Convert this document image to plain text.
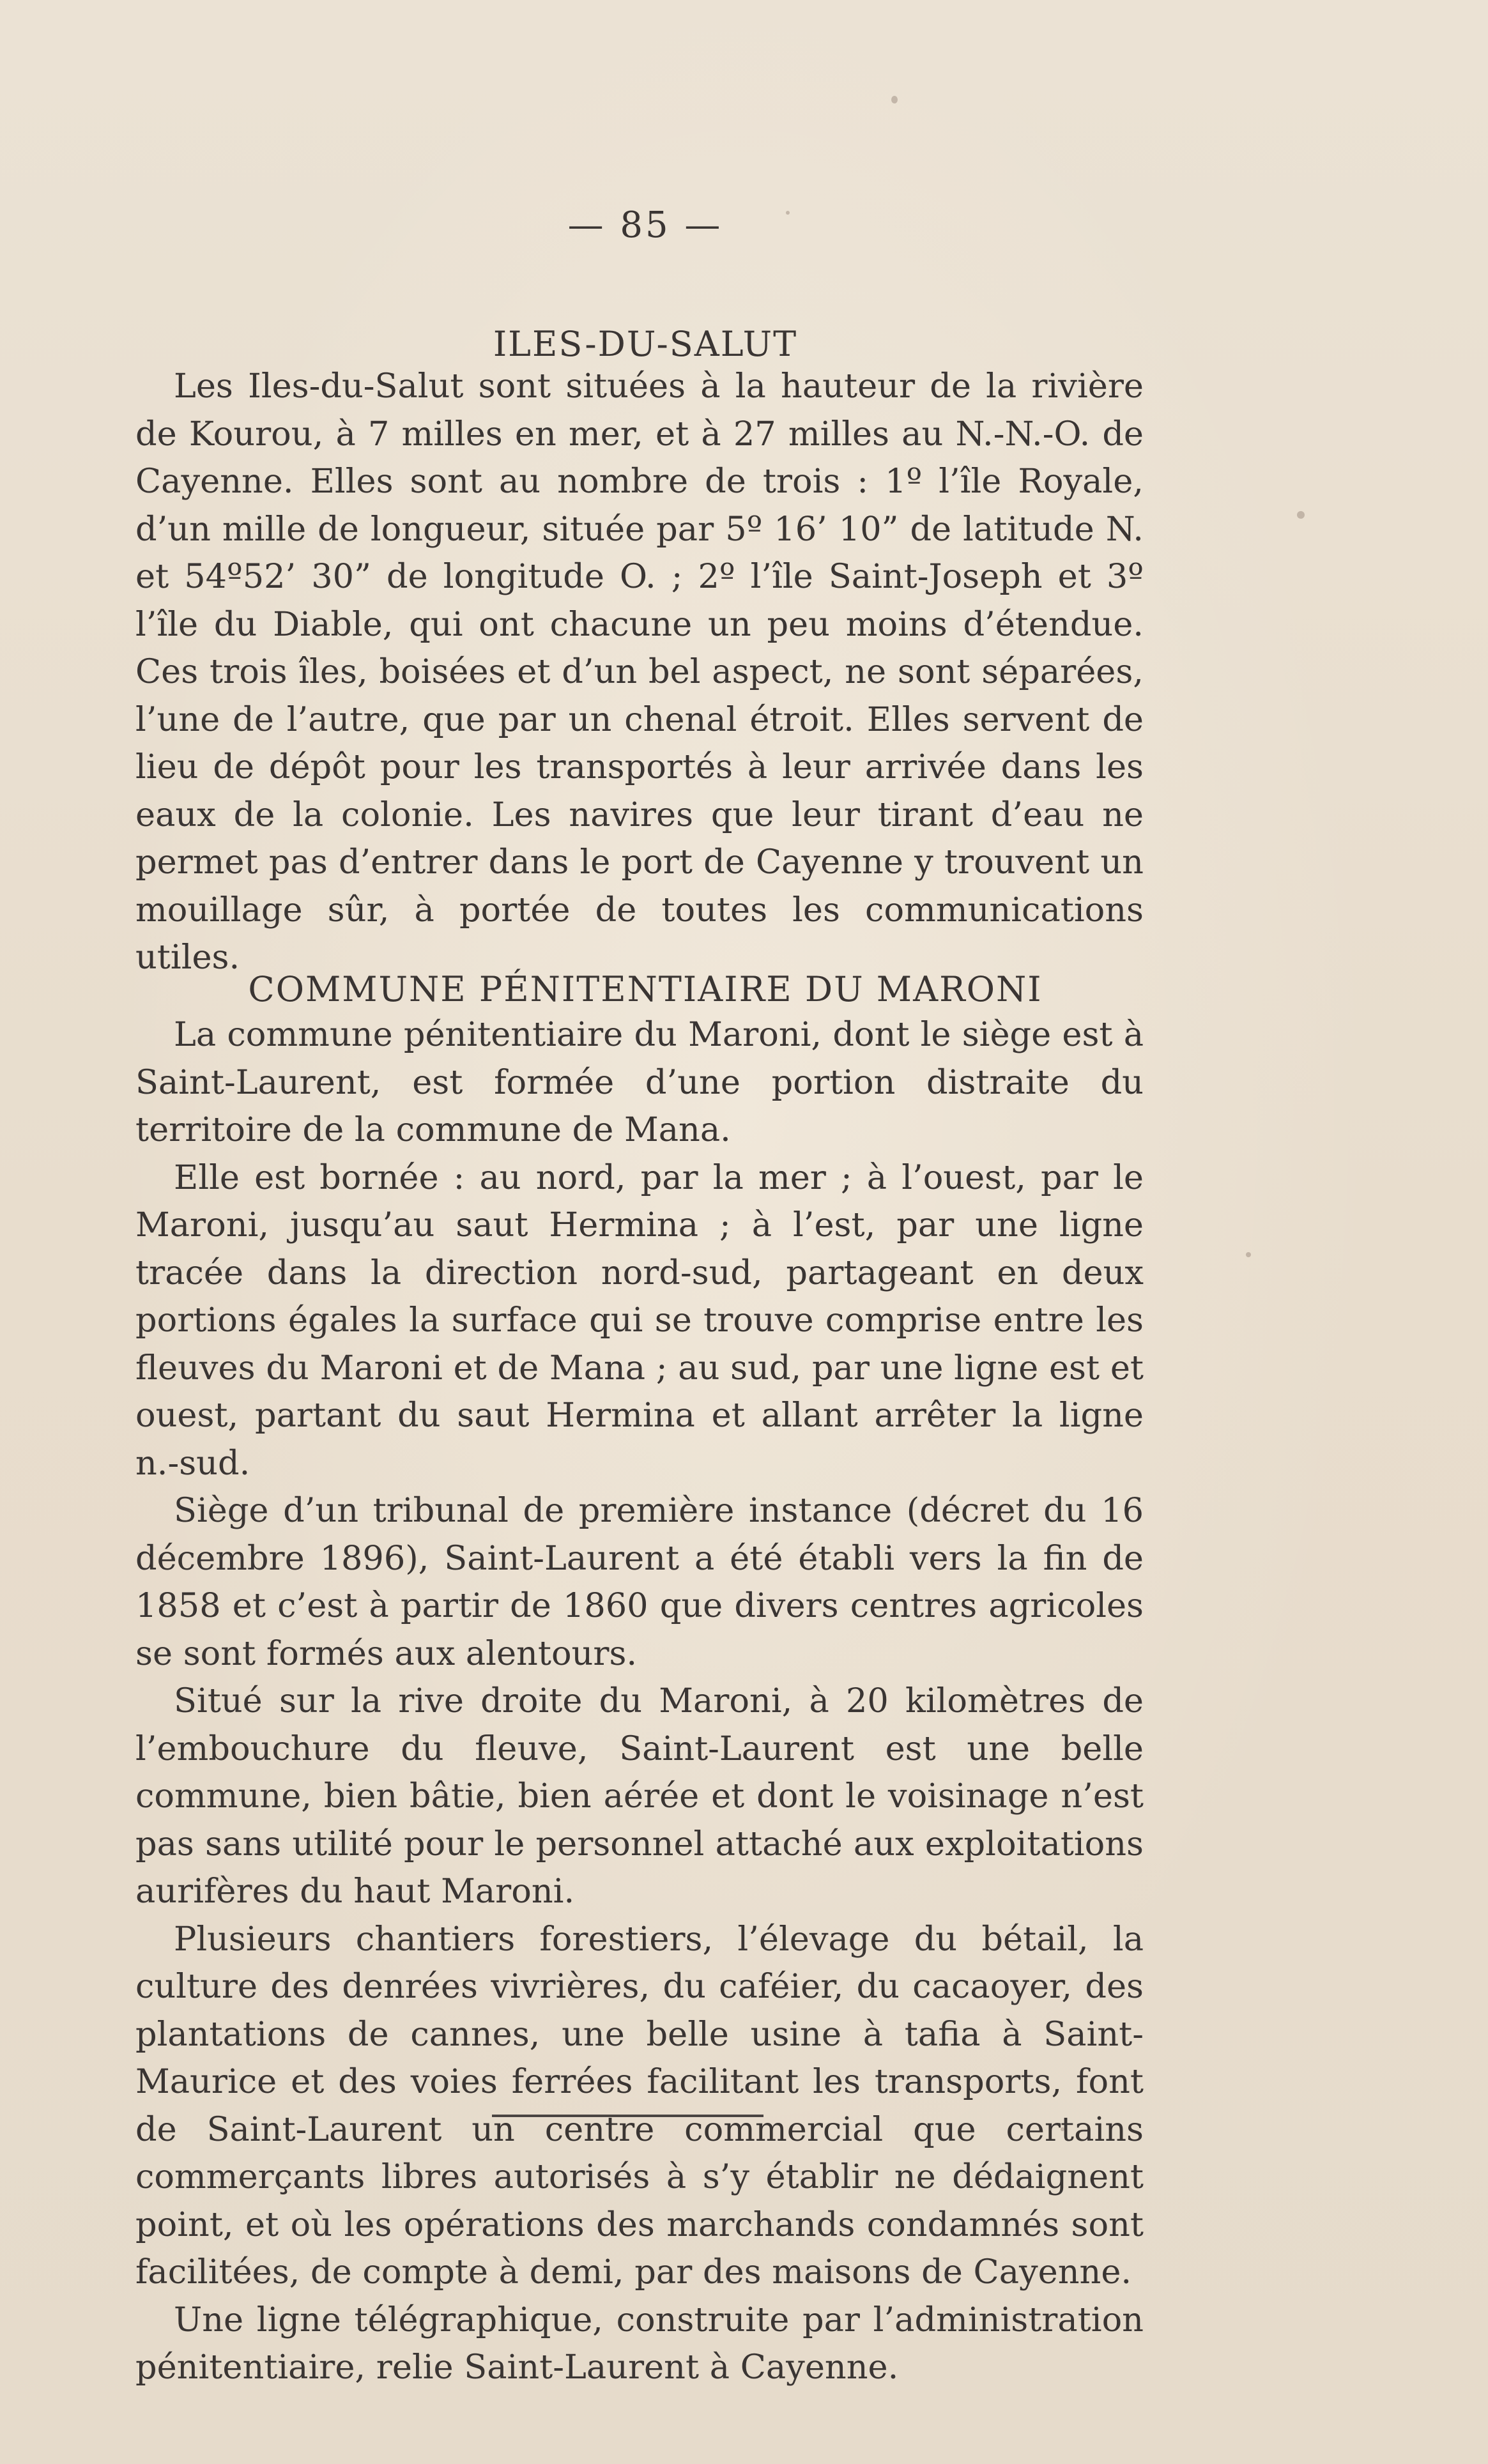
— 85 —
ILES-DU-SALUT

Les Iles-du-Salut sont situées à la hauteur de la rivière de Kourou, à 7 milles en mer, et à 27 milles au N.-N.-O. de Cayenne. Elles sont au nombre de trois : 1º l’île Royale, d’un mille de longueur, située par 5º 16’ 10” de latitude N. et 54º52’ 30” de longitude O. ; 2º l’île Saint-Joseph et 3º l’île du Diable, qui ont chacune un peu moins d’étendue. Ces trois îles, boisées et d’un bel aspect, ne sont séparées, l’une de l’autre, que par un chenal étroit. Elles servent de lieu de dépôt pour les transportés à leur arrivée dans les eaux de la colonie. Les navires que leur tirant d’eau ne permet pas d’entrer dans le port de Cayenne y trouvent un mouillage sûr, à portée de toutes les communications utiles.

COMMUNE PÉNITENTIAIRE DU MARONI

La commune pénitentiaire du Maroni, dont le siège est à Saint-Laurent, est formée d’une portion distraite du territoire de la commune de Mana.

Elle est bornée : au nord, par la mer ; à l’ouest, par le Maroni, jusqu’au saut Hermina ; à l’est, par une ligne tracée dans la direction nord-sud, partageant en deux portions égales la surface qui se trouve comprise entre les fleuves du Maroni et de Mana ; au sud, par une ligne est et ouest, partant du saut Hermina et allant arrêter la ligne n.-sud.

Siège d’un tribunal de première instance (décret du 16 décembre 1896), Saint-Laurent a été établi vers la fin de 1858 et c’est à partir de 1860 que divers centres agricoles se sont formés aux alentours.

Situé sur la rive droite du Maroni, à 20 kilomètres de l’embouchure du fleuve, Saint-Laurent est une belle commune, bien bâtie, bien aérée et dont le voisinage n’est pas sans utilité pour le personnel attaché aux exploitations aurifères du haut Maroni.

Plusieurs chantiers forestiers, l’élevage du bétail, la culture des denrées vivrières, du caféier, du cacaoyer, des plantations de cannes, une belle usine à tafia à Saint-Maurice et des voies ferrées facilitant les transports, font de Saint-Laurent un centre commercial que certains commerçants libres autorisés à s’y établir ne dédaignent point, et où les opérations des marchands condamnés sont facilitées, de compte à demi, par des maisons de Cayenne.

Une ligne télégraphique, construite par l’administration pénitentiaire, relie Saint-Laurent à Cayenne.
